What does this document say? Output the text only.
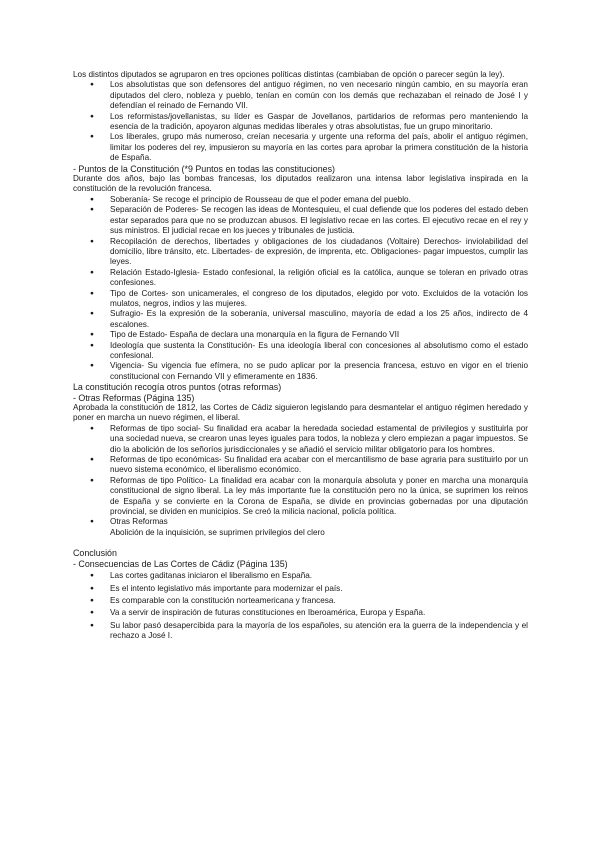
Los distintos diputados se agruparon en tres opciones políticas distintas (cambiaban de opción o parecer según la ley).

● Los absolutistas que son defensores del antiguo régimen, no ven necesario ningún cambio, en su mayoría eran diputados del clero, nobleza y pueblo, tenían en común con los demás que rechazaban el reinado de José I y defendían el reinado de Fernando VII.
● Los reformistas/jovellanistas, su líder es Gaspar de Jovellanos, partidarios de reformas pero manteniendo la esencia de la tradición, apoyaron algunas medidas liberales y otras absolutistas, fue un grupo minoritario.
● Los liberales, grupo más numeroso, creían necesaria y urgente una reforma del país, abolir el antiguo régimen, limitar los poderes del rey, impusieron su mayoría en las cortes para aprobar la primera constitución de la historia de España.

- Puntos de la Constitución (*9 Puntos en todas las constituciones)

Durante dos años, bajo las bombas francesas, los diputados realizaron una intensa labor legislativa inspirada en la constitución de la revolución francesa.

● Soberanía- Se recoge el principio de Rousseau de que el poder emana del pueblo.
● Separación de Poderes- Se recogen las ideas de Montesquieu, el cual defiende que los poderes del estado deben estar separados para que no se produzcan abusos. El legislativo recae en las cortes. El ejecutivo recae en el rey y sus ministros. El judicial recae en los jueces y tribunales de justicia.
● Recopilación de derechos, libertades y obligaciones de los ciudadanos (Voltaire) Derechos- inviolabilidad del domicilio, libre tránsito, etc. Libertades- de expresión, de imprenta, etc. Obligaciones- pagar impuestos, cumplir las leyes.
● Relación Estado-Iglesia- Estado confesional, la religión oficial es la católica, aunque se toleran en privado otras confesiones.
● Tipo de Cortes- son unicamerales, el congreso de los diputados, elegido por voto. Excluidos de la votación los mulatos, negros, indios y las mujeres.
● Sufragio- Es la expresión de la soberanía, universal masculino, mayoría de edad a los 25 años, indirecto de 4 escalones.
● Tipo de Estado- España de declara una monarquía en la figura de Fernando VII
● Ideología que sustenta la Constitución- Es una ideología liberal con concesiones al absolutismo como el estado confesional.
● Vigencia- Su vigencia fue efímera, no se pudo aplicar por la presencia francesa, estuvo en vigor en el trienio constitucional con Fernando VII y efimeramente en 1836.

La constitución recogía otros puntos (otras reformas)

- Otras Reformas (Página 135)

Aprobada la constitución de 1812, las Cortes de Cádiz siguieron legislando para desmantelar el antiguo régimen heredado y poner en marcha un nuevo régimen, el liberal.

● Reformas de tipo social- Su finalidad era acabar la heredada sociedad estamental de privilegios y sustituirla por una sociedad nueva, se crearon unas leyes iguales para todos, la nobleza y clero empiezan a pagar impuestos. Se dio la abolición de los señoríos jurisdiccionales y se añadió el servicio militar obligatorio para los hombres.
● Reformas de tipo económicas- Su finalidad era acabar con el mercantilismo de base agraria para sustituirlo por un nuevo sistema económico, el liberalismo económico.
● Reformas de tipo Político- La finalidad era acabar con la monarquía absoluta y poner en marcha una monarquía constitucional de signo liberal. La ley más importante fue la constitución pero no la única, se suprimen los reinos de España y se convierte en la Corona de España, se divide en provincias gobernadas por una diputación provincial, se dividen en municipios. Se creó la milicia nacional, policía política.
● Otras Reformas
Abolición de la inquisición, se suprimen privilegios del clero

Conclusión

- Consecuencias de Las Cortes de Cádiz (Página 135)

● Las cortes gaditanas iniciaron el liberalismo en España.
● Es el intento legislativo más importante para modernizar el país.
● Es comparable con la constitución norteamericana y francesa.
● Va a servir de inspiración de futuras constituciones en Iberoamérica, Europa y España.
● Su labor pasó desapercibida para la mayoría de los españoles, su atención era la guerra de la independencia y el rechazo a José I.
